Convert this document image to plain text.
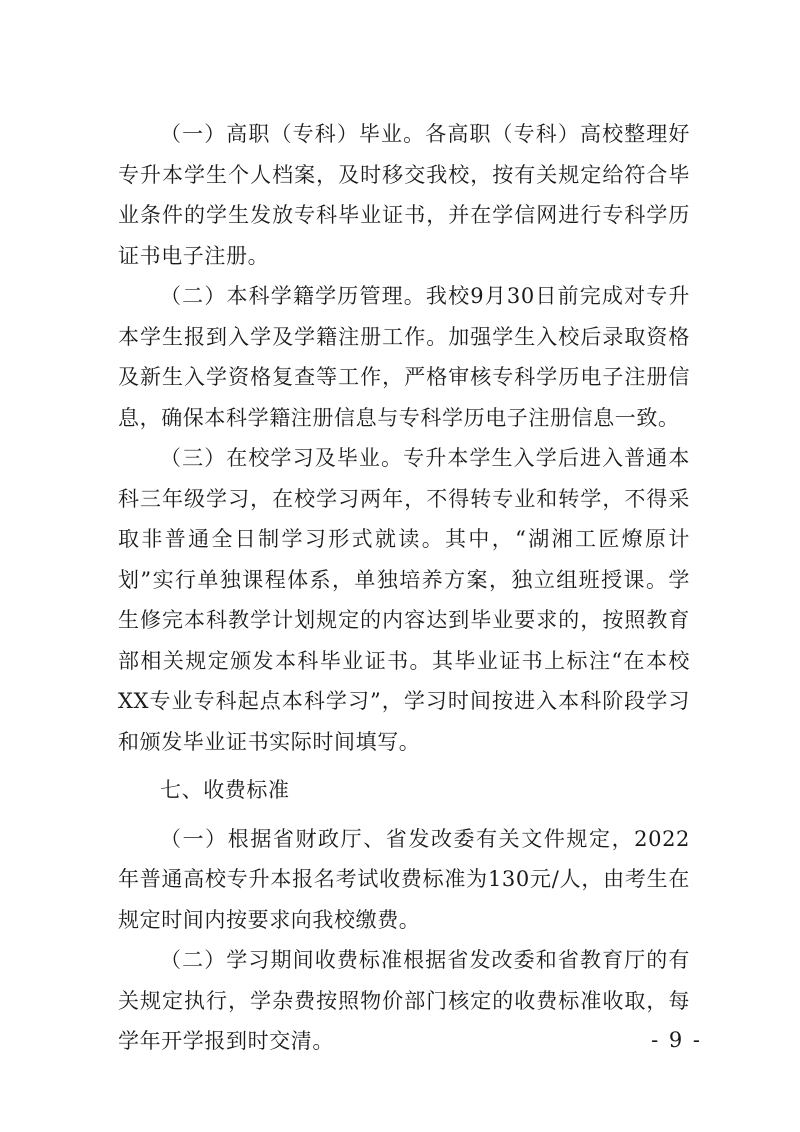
（一）高职（专科）毕业。各高职（专科）高校整理好专升本学生个人档案，及时移交我校，按有关规定给符合毕业条件的学生发放专科毕业证书，并在学信网进行专科学历证书电子注册。

（二）本科学籍学历管理。我校9月30日前完成对专升本学生报到入学及学籍注册工作。加强学生入校后录取资格及新生入学资格复查等工作，严格审核专科学历电子注册信息，确保本科学籍注册信息与专科学历电子注册信息一致。

（三）在校学习及毕业。专升本学生入学后进入普通本科三年级学习，在校学习两年，不得转专业和转学，不得采取非普通全日制学习形式就读。其中，“湖湘工匠燎原计划”实行单独课程体系，单独培养方案，独立组班授课。学生修完本科教学计划规定的内容达到毕业要求的，按照教育部相关规定颁发本科毕业证书。其毕业证书上标注“在本校XX专业专科起点本科学习”，学习时间按进入本科阶段学习和颁发毕业证书实际时间填写。

七、收费标准

（一）根据省财政厅、省发改委有关文件规定，2022年普通高校专升本报名考试收费标准为130元/人，由考生在规定时间内按要求向我校缴费。

（二）学习期间收费标准根据省发改委和省教育厅的有关规定执行，学杂费按照物价部门核定的收费标准收取，每学年开学报到时交清。	- 9 -
